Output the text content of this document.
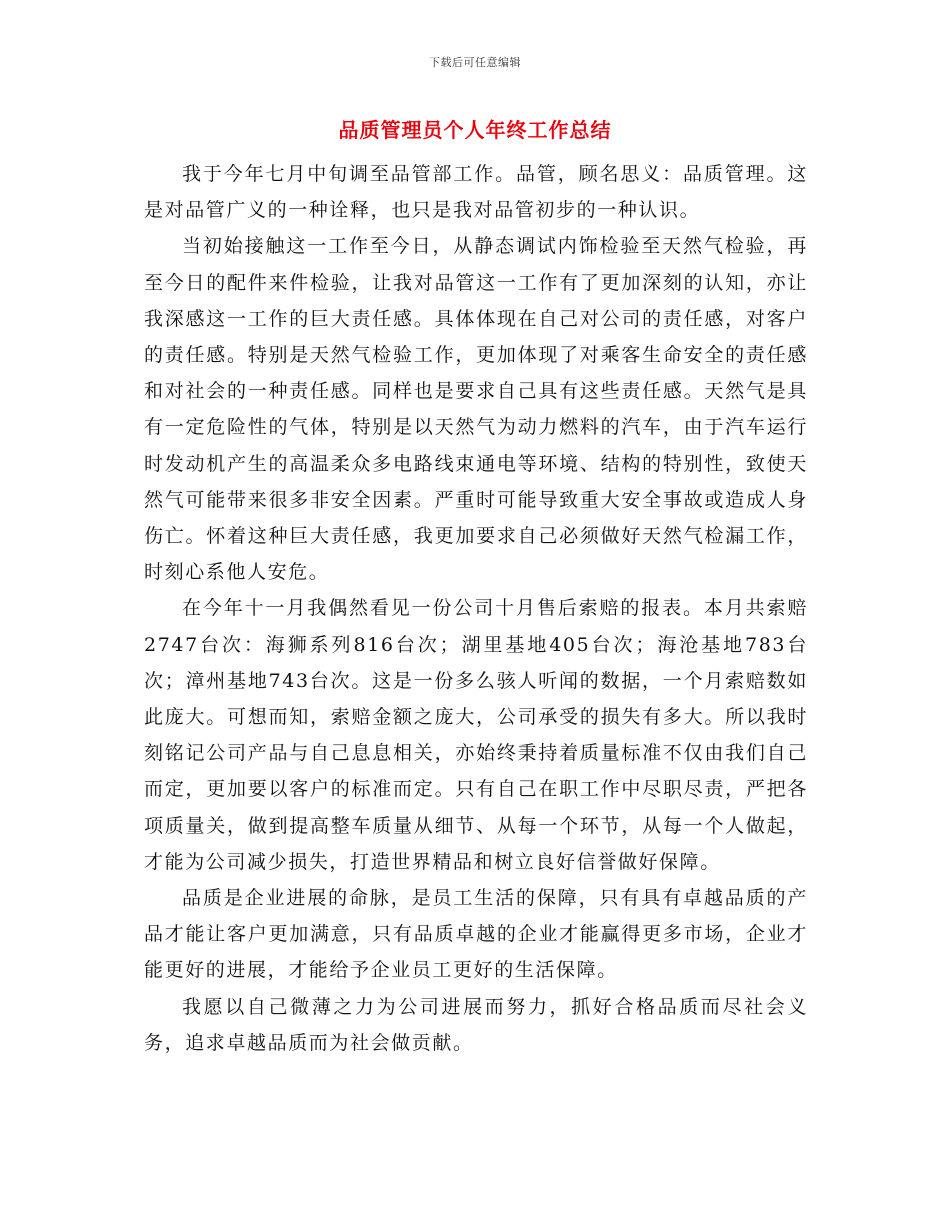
下载后可任意编辑
品质管理员个人年终工作总结

我于今年七月中旬调至品管部工作。品管，顾名思义：品质管理。这是对品管广义的一种诠释，也只是我对品管初步的一种认识。

当初始接触这一工作至今日，从静态调试内饰检验至天然气检验，再至今日的配件来件检验，让我对品管这一工作有了更加深刻的认知，亦让我深感这一工作的巨大责任感。具体体现在自己对公司的责任感，对客户的责任感。特别是天然气检验工作，更加体现了对乘客生命安全的责任感和对社会的一种责任感。同样也是要求自己具有这些责任感。天然气是具有一定危险性的气体，特别是以天然气为动力燃料的汽车，由于汽车运行时发动机产生的高温柔众多电路线束通电等环境、结构的特别性，致使天然气可能带来很多非安全因素。严重时可能导致重大安全事故或造成人身伤亡。怀着这种巨大责任感，我更加要求自己必须做好天然气检漏工作，时刻心系他人安危。

在今年十一月我偶然看见一份公司十月售后索赔的报表。本月共索赔2747台次：海狮系列816台次；湖里基地405台次；海沧基地783台次；漳州基地743台次。这是一份多么骇人听闻的数据，一个月索赔数如此庞大。可想而知，索赔金额之庞大，公司承受的损失有多大。所以我时刻铭记公司产品与自己息息相关，亦始终秉持着质量标准不仅由我们自己而定，更加要以客户的标准而定。只有自己在职工作中尽职尽责，严把各项质量关，做到提高整车质量从细节、从每一个环节，从每一个人做起，才能为公司减少损失，打造世界精品和树立良好信誉做好保障。

品质是企业进展的命脉，是员工生活的保障，只有具有卓越品质的产品才能让客户更加满意，只有品质卓越的企业才能赢得更多市场，企业才能更好的进展，才能给予企业员工更好的生活保障。

我愿以自己微薄之力为公司进展而努力，抓好合格品质而尽社会义务，追求卓越品质而为社会做贡献。
